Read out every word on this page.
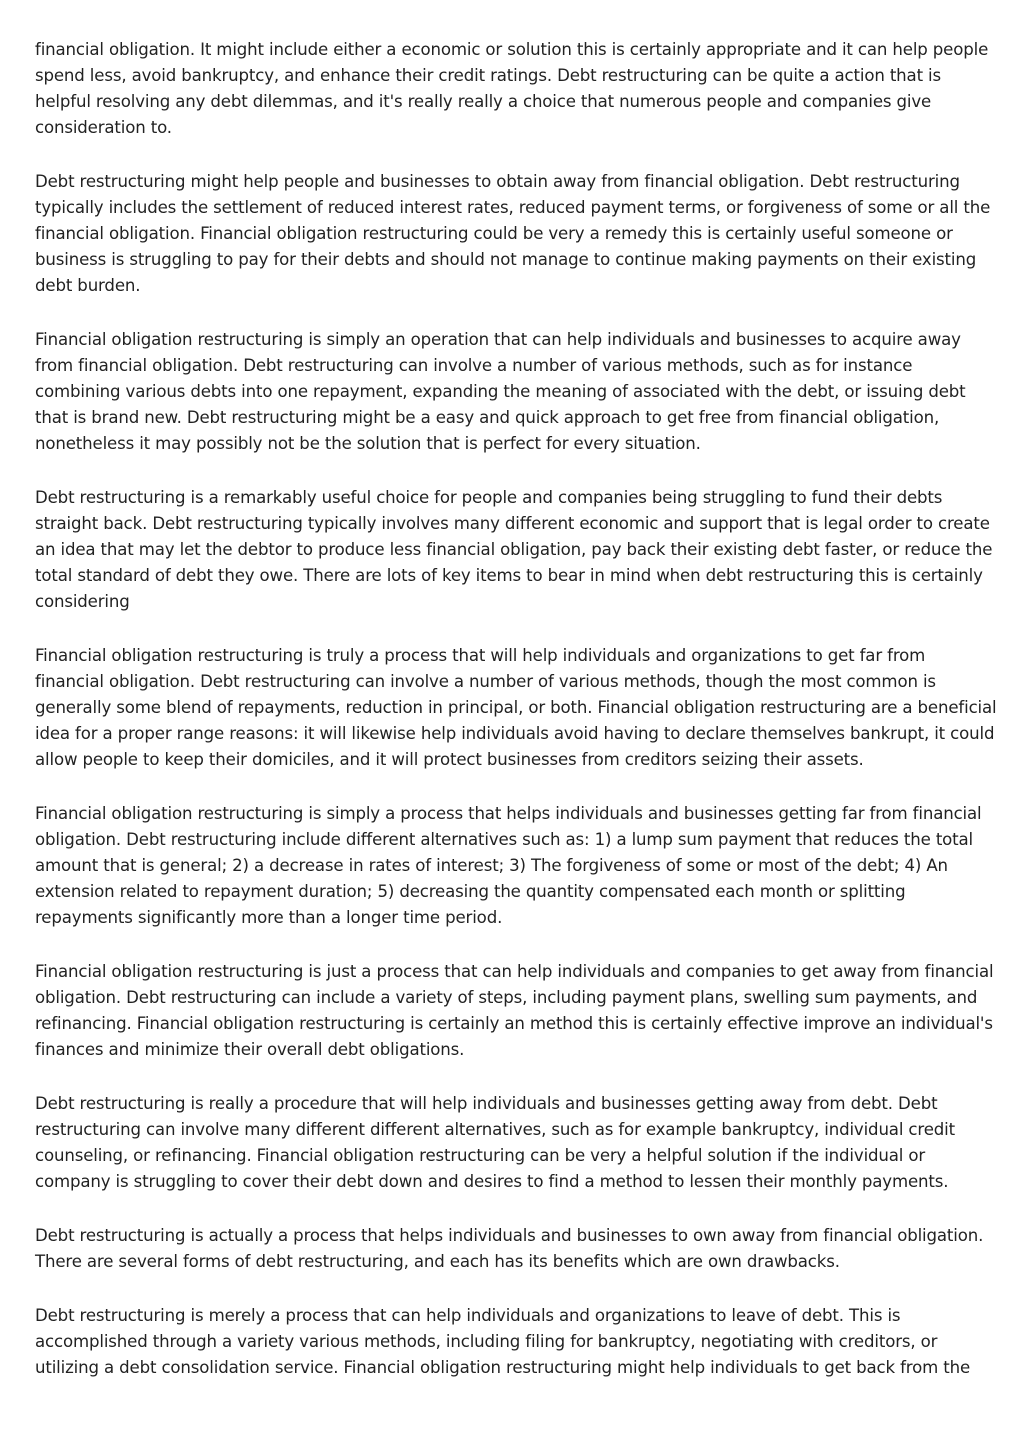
financial obligation. It might include either a economic or solution this is certainly appropriate and it can help people spend less, avoid bankruptcy, and enhance their credit ratings. Debt restructuring can be quite a action that is helpful resolving any debt dilemmas, and it's really really a choice that numerous people and companies give consideration to.

Debt restructuring might help people and businesses to obtain away from financial obligation. Debt restructuring typically includes the settlement of reduced interest rates, reduced payment terms, or forgiveness of some or all the financial obligation. Financial obligation restructuring could be very a remedy this is certainly useful someone or business is struggling to pay for their debts and should not manage to continue making payments on their existing debt burden.

Financial obligation restructuring is simply an operation that can help individuals and businesses to acquire away from financial obligation. Debt restructuring can involve a number of various methods, such as for instance combining various debts into one repayment, expanding the meaning of associated with the debt, or issuing debt that is brand new. Debt restructuring might be a easy and quick approach to get free from financial obligation, nonetheless it may possibly not be the solution that is perfect for every situation.

Debt restructuring is a remarkably useful choice for people and companies being struggling to fund their debts straight back. Debt restructuring typically involves many different economic and support that is legal order to create an idea that may let the debtor to produce less financial obligation, pay back their existing debt faster, or reduce the total standard of debt they owe. There are lots of key items to bear in mind when debt restructuring this is certainly considering

Financial obligation restructuring is truly a process that will help individuals and organizations to get far from financial obligation. Debt restructuring can involve a number of various methods, though the most common is generally some blend of repayments, reduction in principal, or both. Financial obligation restructuring are a beneficial idea for a proper range reasons: it will likewise help individuals avoid having to declare themselves bankrupt, it could allow people to keep their domiciles, and it will protect businesses from creditors seizing their assets.

Financial obligation restructuring is simply a process that helps individuals and businesses getting far from financial obligation. Debt restructuring include different alternatives such as: 1) a lump sum payment that reduces the total amount that is general; 2) a decrease in rates of interest; 3) The forgiveness of some or most of the debt; 4) An extension related to repayment duration; 5) decreasing the quantity compensated each month or splitting repayments significantly more than a longer time period.

Financial obligation restructuring is just a process that can help individuals and companies to get away from financial obligation. Debt restructuring can include a variety of steps, including payment plans, swelling sum payments, and refinancing. Financial obligation restructuring is certainly an method this is certainly effective improve an individual's finances and minimize their overall debt obligations.

Debt restructuring is really a procedure that will help individuals and businesses getting away from debt. Debt restructuring can involve many different different alternatives, such as for example bankruptcy, individual credit counseling, or refinancing. Financial obligation restructuring can be very a helpful solution if the individual or company is struggling to cover their debt down and desires to find a method to lessen their monthly payments.

Debt restructuring is actually a process that helps individuals and businesses to own away from financial obligation. There are several forms of debt restructuring, and each has its benefits which are own drawbacks.

Debt restructuring is merely a process that can help individuals and organizations to leave of debt. This is accomplished through a variety various methods, including filing for bankruptcy, negotiating with creditors, or utilizing a debt consolidation service. Financial obligation restructuring might help individuals to get back from the
